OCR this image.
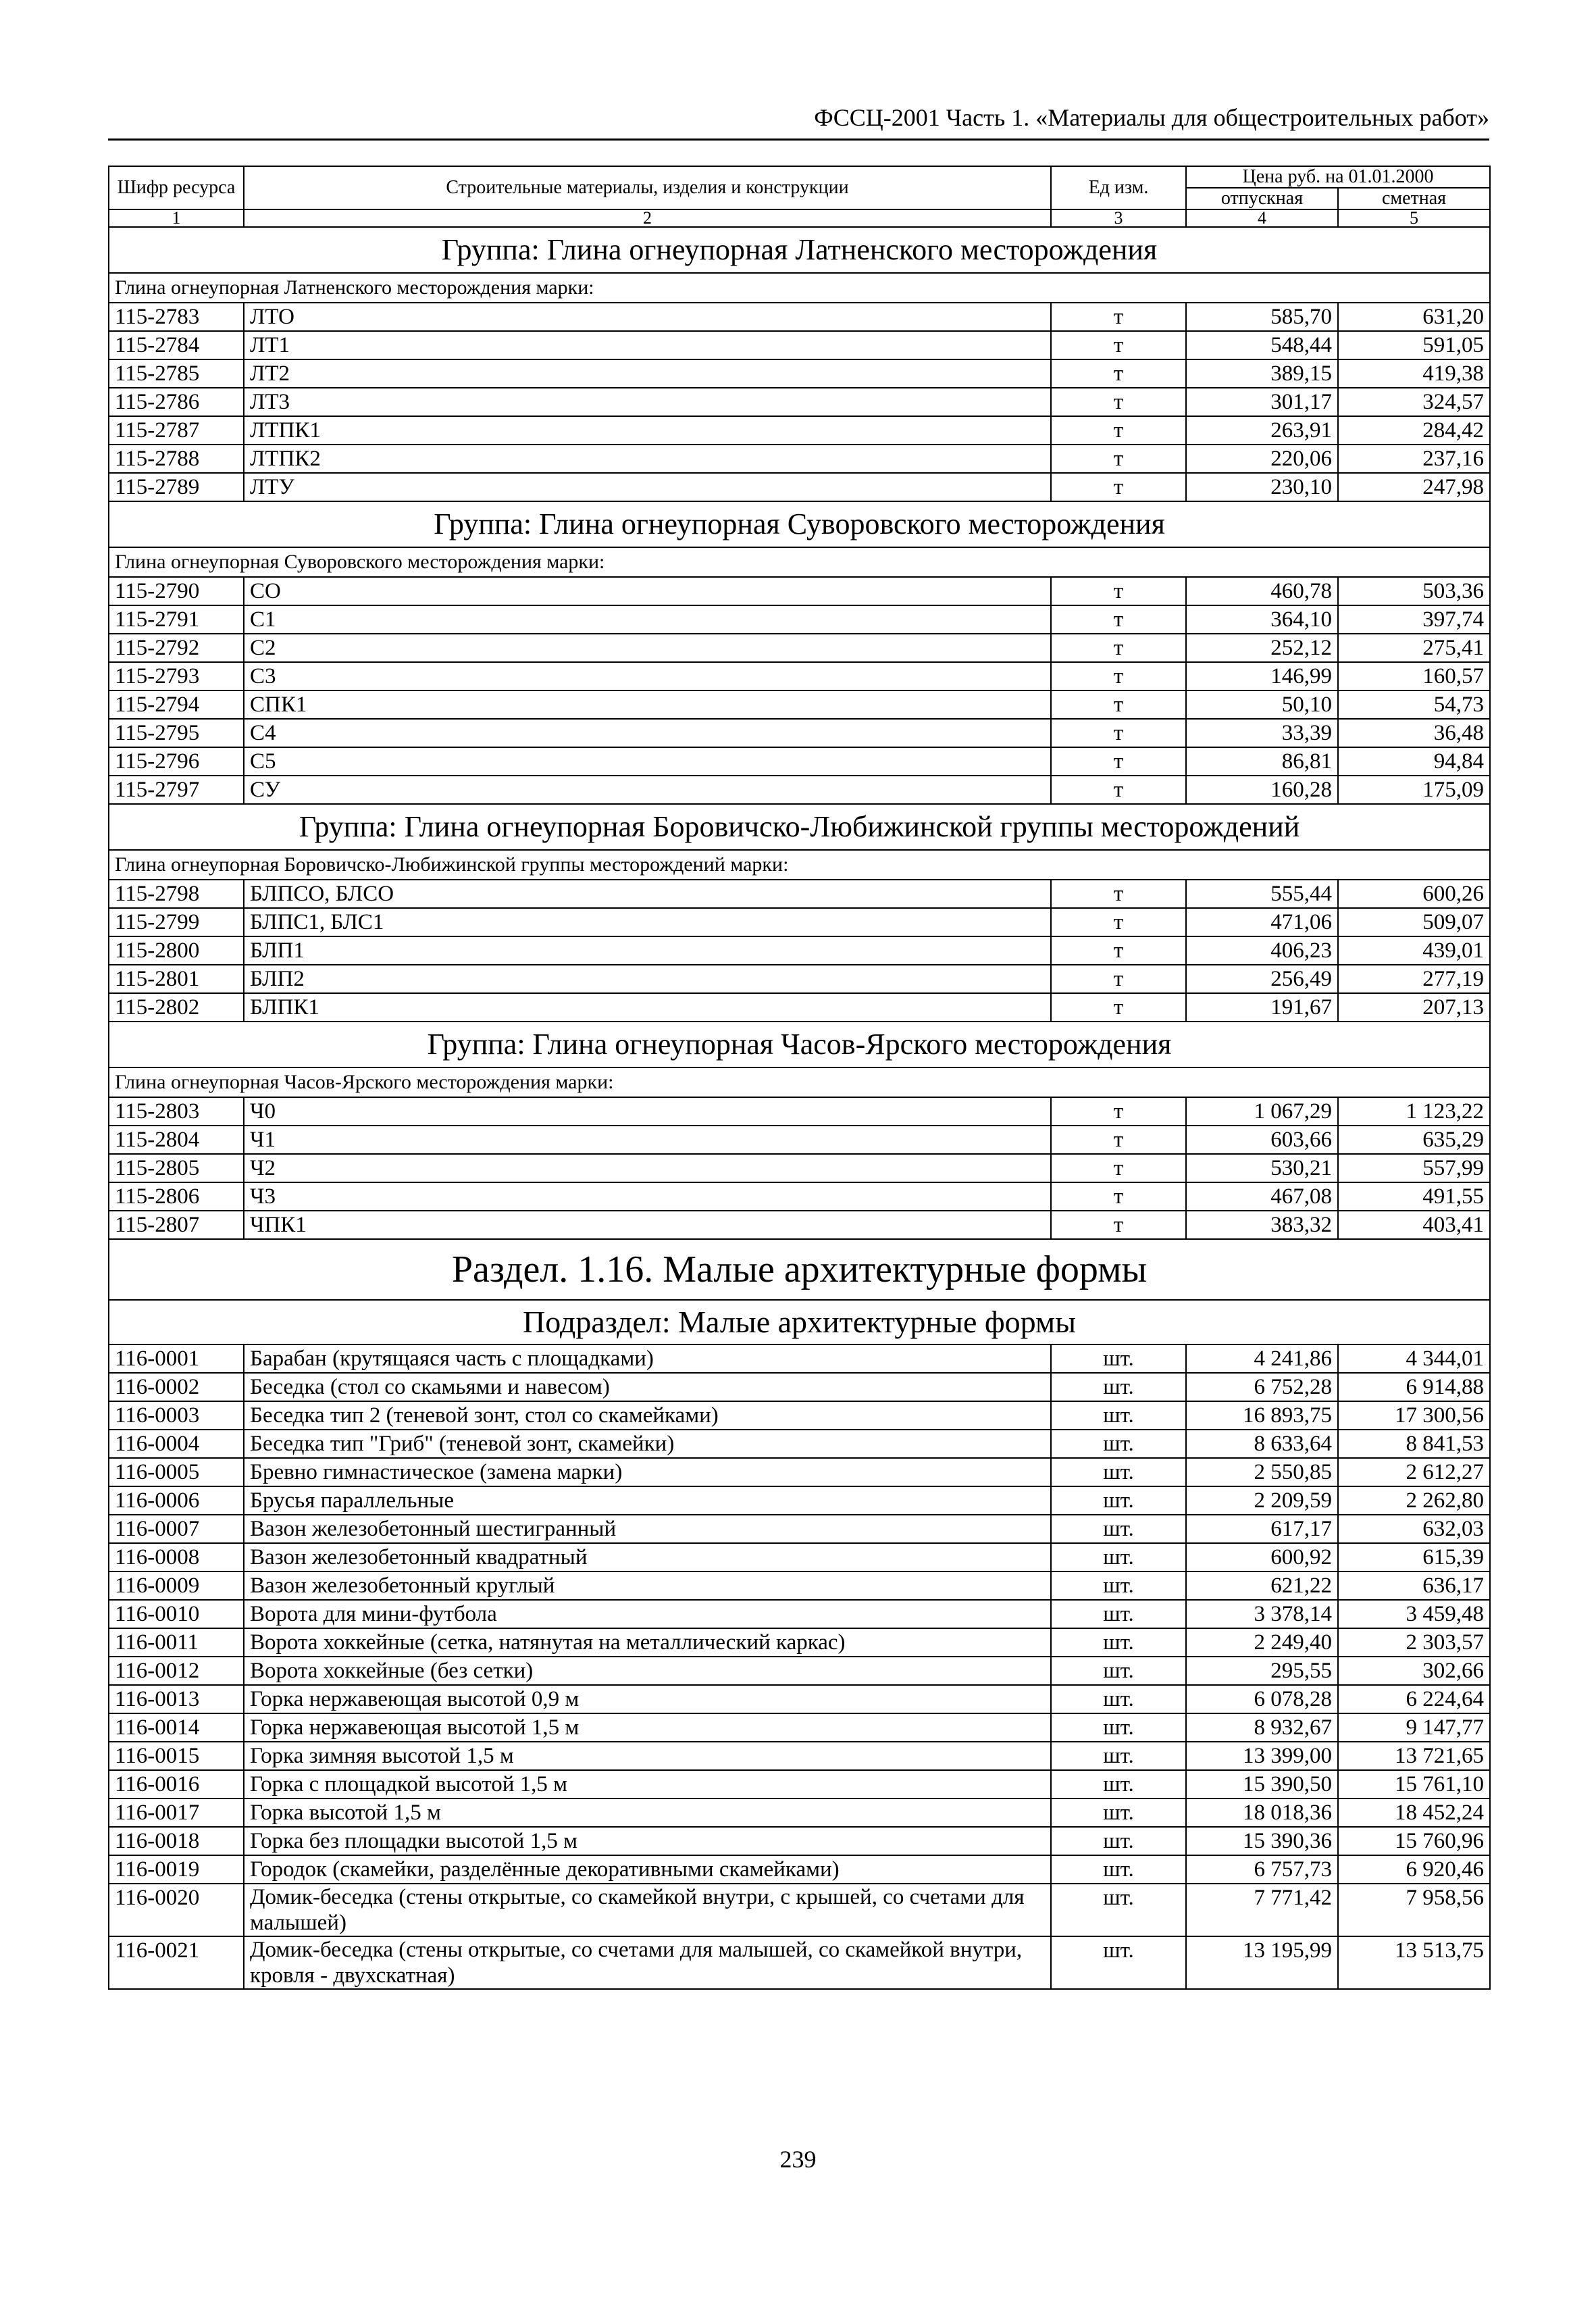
ФССЦ-2001 Часть 1. «Материалы для общестроительных работ»
Шифр ресурса	Строительные материалы, изделия и конструкции	Ед изм.	Цена руб. на 01.01.2000	
			отпускная	сметная
1	2	3	4	5
Группа: Глина огнеупорная Латненского месторождения				
Глина огнеупорная Латненского месторождения марки:				
115-2783	ЛТО	т	585,70	631,20
115-2784	ЛТ1	т	548,44	591,05
115-2785	ЛТ2	т	389,15	419,38
115-2786	ЛТ3	т	301,17	324,57
115-2787	ЛТПК1	т	263,91	284,42
115-2788	ЛТПК2	т	220,06	237,16
115-2789	ЛТУ	т	230,10	247,98
Группа: Глина огнеупорная Суворовского месторождения				
Глина огнеупорная Суворовского месторождения марки:				
115-2790	СО	т	460,78	503,36
115-2791	С1	т	364,10	397,74
115-2792	С2	т	252,12	275,41
115-2793	С3	т	146,99	160,57
115-2794	СПК1	т	50,10	54,73
115-2795	С4	т	33,39	36,48
115-2796	С5	т	86,81	94,84
115-2797	СУ	т	160,28	175,09
Группа: Глина огнеупорная Боровичско-Любижинской группы месторождений				
Глина огнеупорная Боровичско-Любижинской группы месторождений марки:				
115-2798	БЛПСО, БЛСО	т	555,44	600,26
115-2799	БЛПС1, БЛС1	т	471,06	509,07
115-2800	БЛП1	т	406,23	439,01
115-2801	БЛП2	т	256,49	277,19
115-2802	БЛПК1	т	191,67	207,13
Группа: Глина огнеупорная Часов-Ярского месторождения				
Глина огнеупорная Часов-Ярского месторождения марки:				
115-2803	Ч0	т	1 067,29	1 123,22
115-2804	Ч1	т	603,66	635,29
115-2805	Ч2	т	530,21	557,99
115-2806	Ч3	т	467,08	491,55
115-2807	ЧПК1	т	383,32	403,41
Раздел. 1.16. Малые архитектурные формы				
Подраздел: Малые архитектурные формы				
116-0001	Барабан (крутящаяся часть с площадками)	шт.	4 241,86	4 344,01
116-0002	Беседка (стол со скамьями и навесом)	шт.	6 752,28	6 914,88
116-0003	Беседка тип 2 (теневой зонт, стол со скамейками)	шт.	16 893,75	17 300,56
116-0004	Беседка тип "Гриб" (теневой зонт, скамейки)	шт.	8 633,64	8 841,53
116-0005	Бревно гимнастическое (замена марки)	шт.	2 550,85	2 612,27
116-0006	Брусья параллельные	шт.	2 209,59	2 262,80
116-0007	Вазон железобетонный шестигранный	шт.	617,17	632,03
116-0008	Вазон железобетонный квадратный	шт.	600,92	615,39
116-0009	Вазон железобетонный круглый	шт.	621,22	636,17
116-0010	Ворота для мини-футбола	шт.	3 378,14	3 459,48
116-0011	Ворота хоккейные (сетка, натянутая на металлический каркас)	шт.	2 249,40	2 303,57
116-0012	Ворота хоккейные (без сетки)	шт.	295,55	302,66
116-0013	Горка нержавеющая высотой 0,9 м	шт.	6 078,28	6 224,64
116-0014	Горка нержавеющая высотой 1,5 м	шт.	8 932,67	9 147,77
116-0015	Горка зимняя высотой 1,5 м	шт.	13 399,00	13 721,65
116-0016	Горка с площадкой высотой 1,5 м	шт.	15 390,50	15 761,10
116-0017	Горка высотой 1,5 м	шт.	18 018,36	18 452,24
116-0018	Горка без площадки высотой 1,5 м	шт.	15 390,36	15 760,96
116-0019	Городок (скамейки, разделённые декоративными скамейками)	шт.	6 757,73	6 920,46
116-0020	Домик-беседка (стены открытые, со скамейкой внутри, с крышей, со счетами для малышей)	шт.	7 771,42	7 958,56
116-0021	Домик-беседка (стены открытые, со счетами для малышей, со скамейкой внутри, кровля - двухскатная)	шт.	13 195,99	13 513,75
239
